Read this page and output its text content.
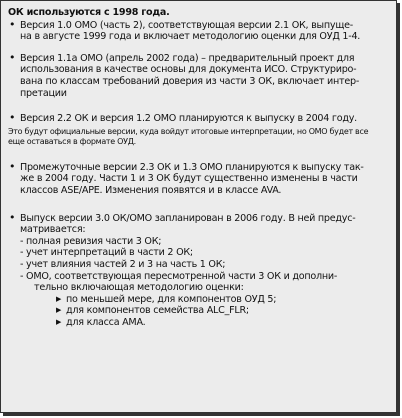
ОК используются с 1998 года.
• Версия 1.0 ОМО (часть 2), соответствующая версии 2.1 ОК, выпуще-
на в августе 1999 года и включает методологию оценки для ОУД 1-4.
• Версия 1.1а ОМО (апрель 2002 года) – предварительный проект для
использования в качестве основы для документа ИСО. Структуриро-
вана по классам требований доверия из части 3 ОК, включает интер-
претации
• Версия 2.2 ОК и версия 1.2 ОМО планируются к выпуску в 2004 году.
Это будут официальные версии, куда войдут итоговые интерпретации, но ОМО будет все
еще оставаться в формате ОУД.
• Промежуточные версии 2.3 ОК и 1.3 ОМО планируются к выпуску так-
же в 2004 году. Части 1 и 3 ОК будут существенно изменены в части
классов ASE/APE. Изменения появятся и в классе AVA.
• Выпуск версии 3.0 ОК/ОМО запланирован в 2006 году. В ней предус-
матривается:
- полная ревизия части 3 ОК;
- учет интерпретаций в части 2 ОК;
- учет влияния частей 2 и 3 на часть 1 ОК;
- ОМО, соответствующая пересмотренной части 3 ОК и дополни-
тельно включающая методологию оценки:
▶ по меньшей мере, для компонентов ОУД 5;
▶ для компонентов семейства ALC_FLR;
▶ для класса AMA.
